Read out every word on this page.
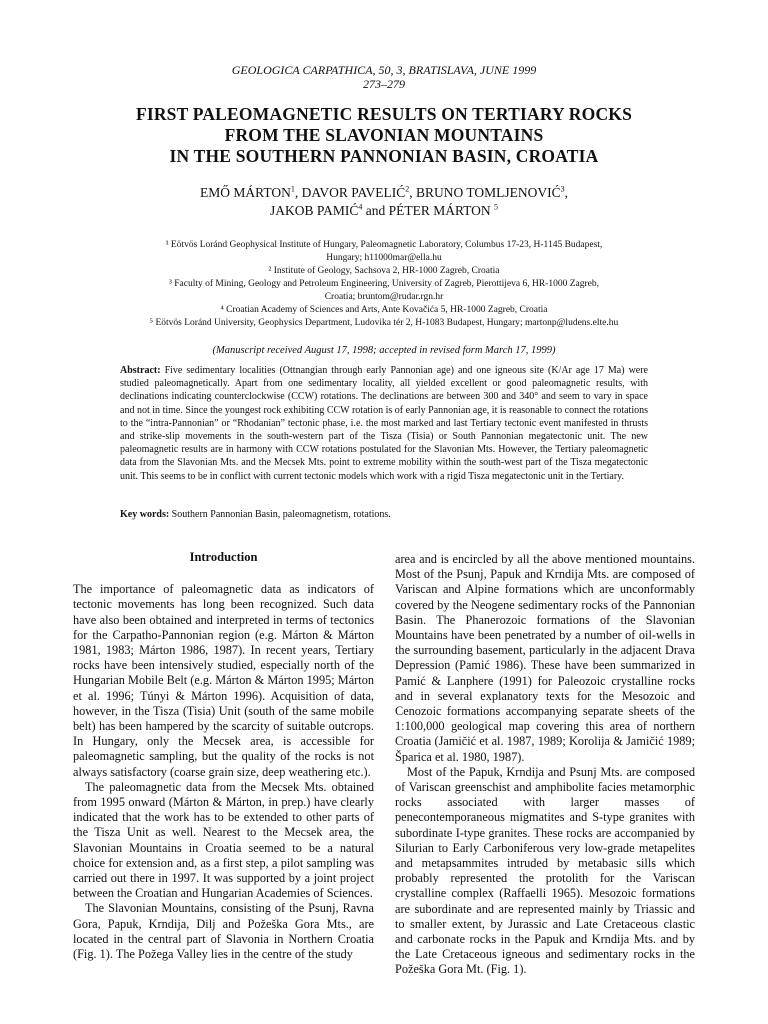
GEOLOGICA CARPATHICA, 50, 3, BRATISLAVA, JUNE 1999
273–279
FIRST PALEOMAGNETIC RESULTS ON TERTIARY ROCKS
FROM THE SLAVONIAN MOUNTAINS
IN THE SOUTHERN PANNONIAN BASIN, CROATIA
EMŐ MÁRTON$^1$, DAVOR PAVELIĆ$^2$, BRUNO TOMLJENOVIĆ$^3$,
JAKOB PAMIĆ$^4$ and PÉTER MÁRTON $^5$
¹ Eötvös Loránd Geophysical Institute of Hungary, Paleomagnetic Laboratory, Columbus 17-23, H-1145 Budapest,
Hungary; h11000mar@ella.hu
² Institute of Geology, Sachsova 2, HR-1000 Zagreb, Croatia
³ Faculty of Mining, Geology and Petroleum Engineering, University of Zagreb, Pierottijeva 6, HR-1000 Zagreb,
Croatia; bruntom@rudar.rgn.hr
⁴ Croatian Academy of Sciences and Arts, Ante Kovačića 5, HR-1000 Zagreb, Croatia
⁵ Eötvös Loránd University, Geophysics Department, Ludovika tér 2, H-1083 Budapest, Hungary; martonp@ludens.elte.hu
(Manuscript received August 17, 1998; accepted in revised form March 17, 1999)
Abstract: Five sedimentary localities (Ottnangian through early Pannonian age) and one igneous site (K/Ar age 17 Ma) were studied paleomagnetically. Apart from one sedimentary locality, all yielded excellent or good paleomagnetic results, with declinations indicating counterclockwise (CCW) rotations. The declinations are between 300 and 340° and seem to vary in space and not in time. Since the youngest rock exhibiting CCW rotation is of early Pannonian age, it is reasonable to connect the rotations to the “intra-Pannonian” or “Rhodanian” tectonic phase, i.e. the most marked and last Tertiary tectonic event manifested in thrusts and strike-slip movements in the south-western part of the Tisza (Tisia) or South Pannonian megatectonic unit. The new paleomagnetic results are in harmony with CCW rotations postulated for the Slavonian Mts. However, the Tertiary paleomagnetic data from the Slavonian Mts. and the Mecsek Mts. point to extreme mobility within the south-west part of the Tisza megatectonic unit. This seems to be in conflict with current tectonic models which work with a rigid Tisza megatectonic unit in the Tertiary.
Key words: Southern Pannonian Basin, paleomagnetism, rotations.
Introduction

The importance of paleomagnetic data as indicators of tectonic movements has long been recognized. Such data have also been obtained and interpreted in terms of tectonics for the Carpatho-Pannonian region (e.g. Márton & Márton 1981, 1983; Márton 1986, 1987). In recent years, Tertiary rocks have been intensively studied, especially north of the Hungarian Mobile Belt (e.g. Márton & Márton 1995; Márton et al. 1996; Túnyi & Márton 1996). Acquisition of data, however, in the Tisza (Tisia) Unit (south of the same mobile belt) has been hampered by the scarcity of suitable outcrops. In Hungary, only the Mecsek area, is accessible for paleomagnetic sampling, but the quality of the rocks is not always satisfactory (coarse grain size, deep weathering etc.).

The paleomagnetic data from the Mecsek Mts. obtained from 1995 onward (Márton & Márton, in prep.) have clearly indicated that the work has to be extended to other parts of the Tisza Unit as well. Nearest to the Mecsek area, the Slavonian Mountains in Croatia seemed to be a natural choice for extension and, as a first step, a pilot sampling was carried out there in 1997. It was supported by a joint project between the Croatian and Hungarian Academies of Sciences.

The Slavonian Mountains, consisting of the Psunj, Ravna Gora, Papuk, Krndija, Dilj and Požeška Gora Mts., are located in the central part of Slavonia in Northern Croatia (Fig. 1). The Požega Valley lies in the centre of the study

area and is encircled by all the above mentioned mountains. Most of the Psunj, Papuk and Krndija Mts. are composed of Variscan and Alpine formations which are unconformably covered by the Neogene sedimentary rocks of the Pannonian Basin. The Phanerozoic formations of the Slavonian Mountains have been penetrated by a number of oil-wells in the surrounding basement, particularly in the adjacent Drava Depression (Pamić 1986). These have been summarized in Pamić & Lanphere (1991) for Paleozoic crystalline rocks and in several explanatory texts for the Mesozoic and Cenozoic formations accompanying separate sheets of the 1:100,000 geological map covering this area of northern Croatia (Jamičić et al. 1987, 1989; Korolija & Jamičić 1989; Šparica et al. 1980, 1987).

Most of the Papuk, Krndija and Psunj Mts. are composed of Variscan greenschist and amphibolite facies metamorphic rocks associated with larger masses of penecontemporaneous migmatites and S-type granites with subordinate I-type granites. These rocks are accompanied by Silurian to Early Carboniferous very low-grade metapelites and metapsammites intruded by metabasic sills which probably represented the protolith for the Variscan crystalline complex (Raffaelli 1965). Mesozoic formations are subordinate and are represented mainly by Triassic and to smaller extent, by Jurassic and Late Cretaceous clastic and carbonate rocks in the Papuk and Krndija Mts. and by the Late Cretaceous igneous and sedimentary rocks in the Požeška Gora Mt. (Fig. 1).
